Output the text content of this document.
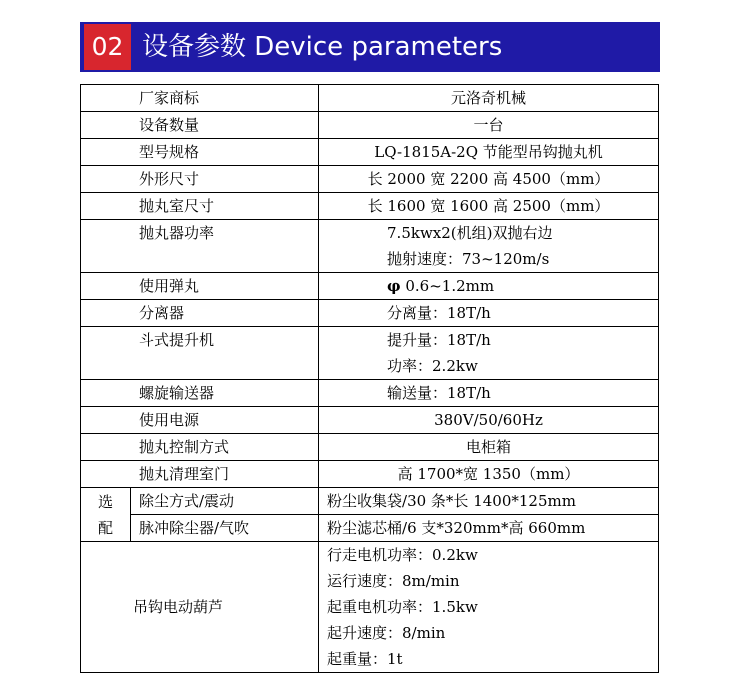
02 设备参数 Device parameters
厂家商标		元洛奇机械
设备数量		一台
型号规格		LQ-1815A-2Q 节能型吊钩抛丸机
外形尺寸		长 2000 宽 2200 高 4500（mm）
抛丸室尺寸		长 1600 宽 1600 高 2500（mm）
抛丸器功率		7.5kwx2(机组)双抛右边
抛射速度：73~120m/s

使用弹丸		φ 0.6~1.2mm
分离器		分离量：18T/h
斗式提升机		提升量：18T/h
功率：2.2kw

螺旋输送器		输送量：18T/h
使用电源		380V/50/60Hz
抛丸控制方式		电柜箱
抛丸清理室门		高 1700*宽 1350（mm）

选
配	除尘方式/震动	粉尘收集袋/30 条*长 1400*125mm
	脉冲除尘器/气吹	粉尘滤芯桶/6 支*320mm*高 660mm
吊钩电动葫芦		行走电机功率：0.2kw
运行速度：8m/min
起重电机功率：1.5kw
起升速度：8/min
起重量：1t
